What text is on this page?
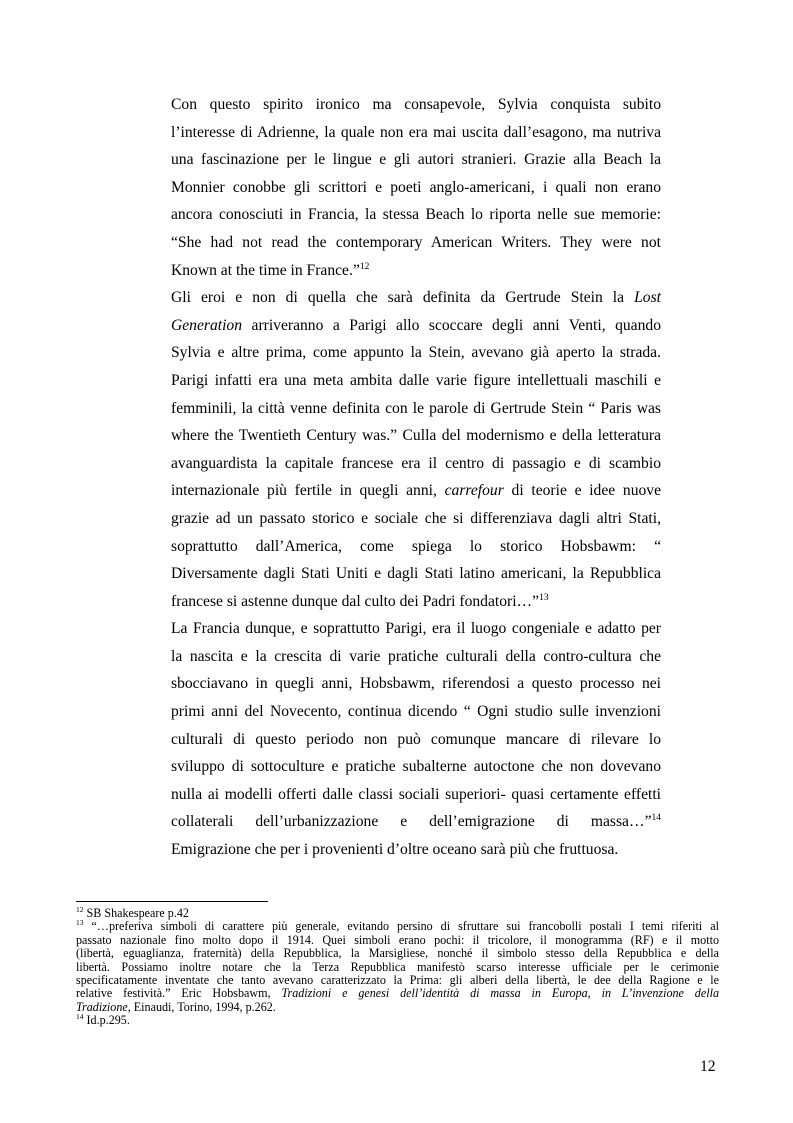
Con questo spirito ironico ma consapevole, Sylvia conquista subito
l’interesse di Adrienne, la quale non era mai uscita dall’esagono, ma nutriva
una fascinazione per le lingue e gli autori stranieri. Grazie alla Beach la
Monnier conobbe gli scrittori e poeti anglo-americani, i quali non erano
ancora conosciuti in Francia, la stessa Beach lo riporta nelle sue memorie:
“She had not read the contemporary American Writers. They were not
Known at the time in France.”$^{12}$
Gli eroi e non di quella che sarà definita da Gertrude Stein la Lost
Generation arriveranno a Parigi allo scoccare degli anni Venti, quando
Sylvia e altre prima, come appunto la Stein, avevano già aperto la strada.
Parigi infatti era una meta ambita dalle varie figure intellettuali maschili e
femminili, la città venne definita con le parole di Gertrude Stein “ Paris was
where the Twentieth Century was.” Culla del modernismo e della letteratura
avanguardista la capitale francese era il centro di passagio e di scambio
internazionale più fertile in quegli anni, carrefour di teorie e idee nuove
grazie ad un passato storico e sociale che si differenziava dagli altri Stati,
soprattutto dall’America, come spiega lo storico Hobsbawm: “
Diversamente dagli Stati Uniti e dagli Stati latino americani, la Repubblica
francese si astenne dunque dal culto dei Padri fondatori…”$^{13}$
La Francia dunque, e soprattutto Parigi, era il luogo congeniale e adatto per
la nascita e la crescita di varie pratiche culturali della contro-cultura che
sbocciavano in quegli anni, Hobsbawm, riferendosi a questo processo nei
primi anni del Novecento, continua dicendo “ Ogni studio sulle invenzioni
culturali di questo periodo non può comunque mancare di rilevare lo
sviluppo di sottoculture e pratiche subalterne autoctone che non dovevano
nulla ai modelli offerti dalle classi sociali superiori- quasi certamente effetti
collaterali dell’urbanizzazione e dell’emigrazione di massa…”$^{14}$
Emigrazione che per i provenienti d’oltre oceano sarà più che fruttuosa.
$^{12}$ SB Shakespeare p.42
$^{13}$ “…preferiva simboli di carattere più generale, evitando persino di sfruttare sui francobolli postali I temi riferiti al
passato nazionale fino molto dopo il 1914. Quei simboli erano pochi: il tricolore, il monogramma (RF) e il motto
(libertà, eguaglianza, fraternità) della Repubblica, la Marsigliese, nonché il simbolo stesso della Repubblica e della
libertà. Possiamo inoltre notare che la Terza Repubblica manifestò scarso interesse ufficiale per le cerimonie
specificatamente inventate che tanto avevano caratterizzato la Prima: gli alberi della libertà, le dee della Ragione e le
relative festività.” Eric Hobsbawm, Tradizioni e genesi dell’identità di massa in Europa, in L’invenzione della
Tradizione, Einaudi, Torino, 1994, p.262.
$^{14}$ Id.p.295.
12
